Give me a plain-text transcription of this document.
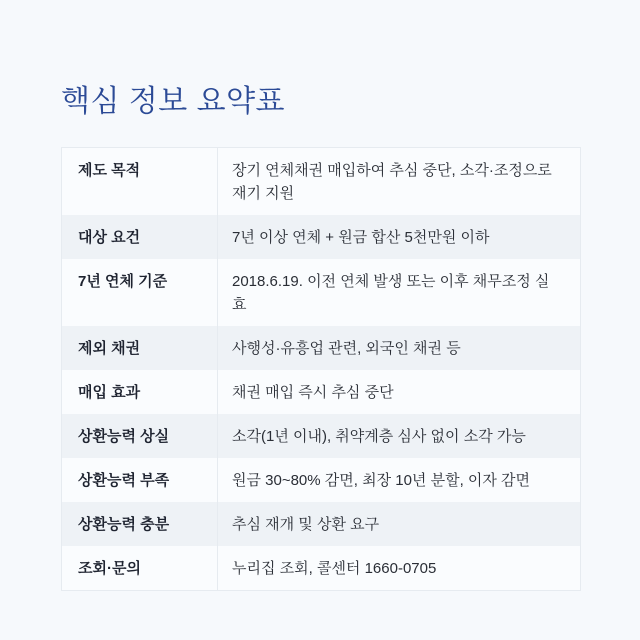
핵심 정보 요약표
제도 목적	장기 연체채권 매입하여 추심 중단, 소각·조정으로 재기 지원
대상 요건	7년 이상 연체 + 원금 합산 5천만원 이하
7년 연체 기준	2018.6.19. 이전 연체 발생 또는 이후 채무조정 실효
제외 채권	사행성·유흥업 관련, 외국인 채권 등
매입 효과	채권 매입 즉시 추심 중단
상환능력 상실	소각(1년 이내), 취약계층 심사 없이 소각 가능
상환능력 부족	원금 30~80% 감면, 최장 10년 분할, 이자 감면
상환능력 충분	추심 재개 및 상환 요구
조회·문의	누리집 조회, 콜센터 1660-0705
